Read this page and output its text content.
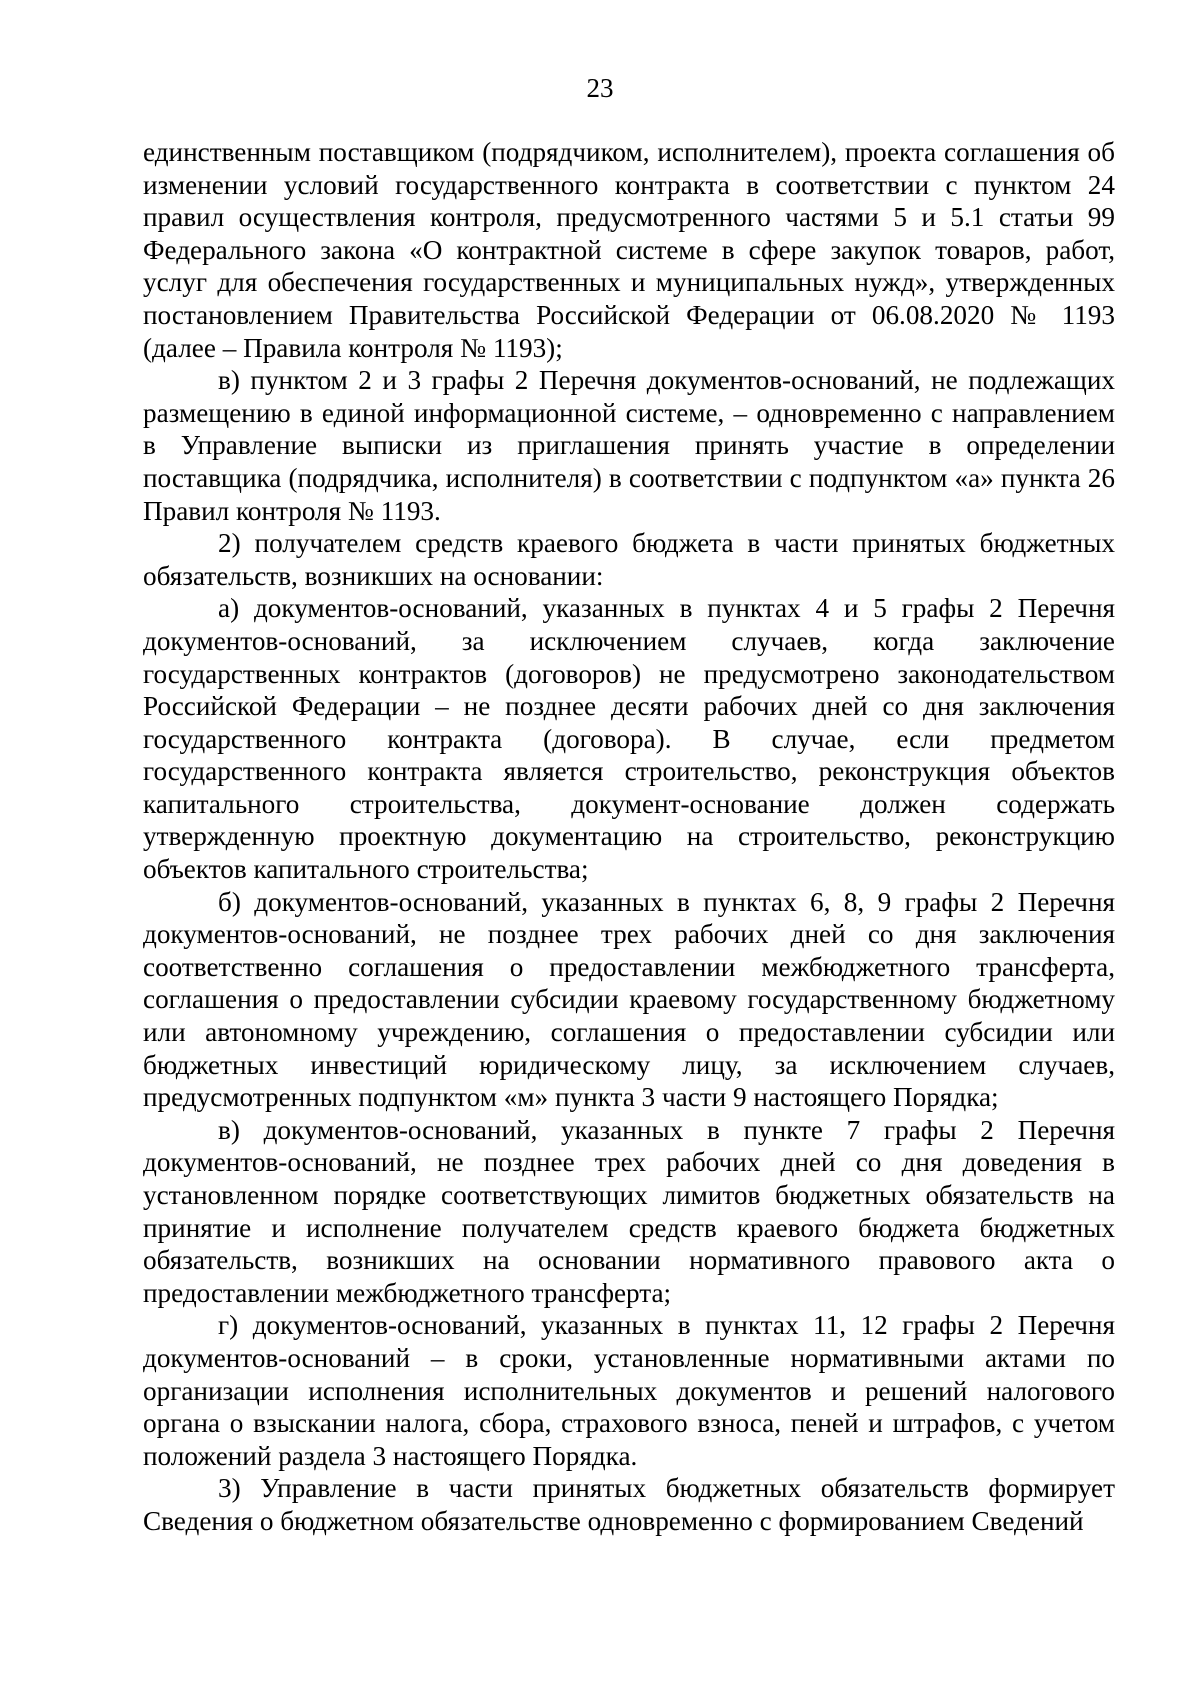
23

единственным поставщиком (подрядчиком, исполнителем), проекта соглашения об изменении условий государственного контракта в соответствии с пунктом 24 правил осуществления контроля, предусмотренного частями 5 и 5.1 статьи 99 Федерального закона «О контрактной системе в сфере закупок товаров, работ, услуг для обеспечения государственных и муниципальных нужд», утвержденных постановлением Правительства Российской Федерации от 06.08.2020 № 1193 (далее – Правила контроля № 1193);

в) пунктом 2 и 3 графы 2 Перечня документов-оснований, не подлежащих размещению в единой информационной системе, – одновременно с направлением в Управление выписки из приглашения принять участие в определении поставщика (подрядчика, исполнителя) в соответствии с подпунктом «а» пункта 26 Правил контроля № 1193.

2) получателем средств краевого бюджета в части принятых бюджетных обязательств, возникших на основании:

а) документов-оснований, указанных в пунктах 4 и 5 графы 2 Перечня документов-оснований, за исключением случаев, когда заключение государственных контрактов (договоров) не предусмотрено законодательством Российской Федерации – не позднее десяти рабочих дней со дня заключения государственного контракта (договора). В случае, если предметом государственного контракта является строительство, реконструкция объектов капитального строительства, документ-основание должен содержать утвержденную проектную документацию на строительство, реконструкцию объектов капитального строительства;

б) документов-оснований, указанных в пунктах 6, 8, 9 графы 2 Перечня документов-оснований, не позднее трех рабочих дней со дня заключения соответственно соглашения о предоставлении межбюджетного трансферта, соглашения о предоставлении субсидии краевому государственному бюджетному или автономному учреждению, соглашения о предоставлении субсидии или бюджетных инвестиций юридическому лицу, за исключением случаев, предусмотренных подпунктом «м» пункта 3 части 9 настоящего Порядка;

в) документов-оснований, указанных в пункте 7 графы 2 Перечня документов-оснований, не позднее трех рабочих дней со дня доведения в установленном порядке соответствующих лимитов бюджетных обязательств на принятие и исполнение получателем средств краевого бюджета бюджетных обязательств, возникших на основании нормативного правового акта о предоставлении межбюджетного трансферта;

г) документов-оснований, указанных в пунктах 11, 12 графы 2 Перечня документов-оснований – в сроки, установленные нормативными актами по организации исполнения исполнительных документов и решений налогового органа о взыскании налога, сбора, страхового взноса, пеней и штрафов, с учетом положений раздела 3 настоящего Порядка.

3) Управление в части принятых бюджетных обязательств формирует Сведения о бюджетном обязательстве одновременно с формированием Сведений
